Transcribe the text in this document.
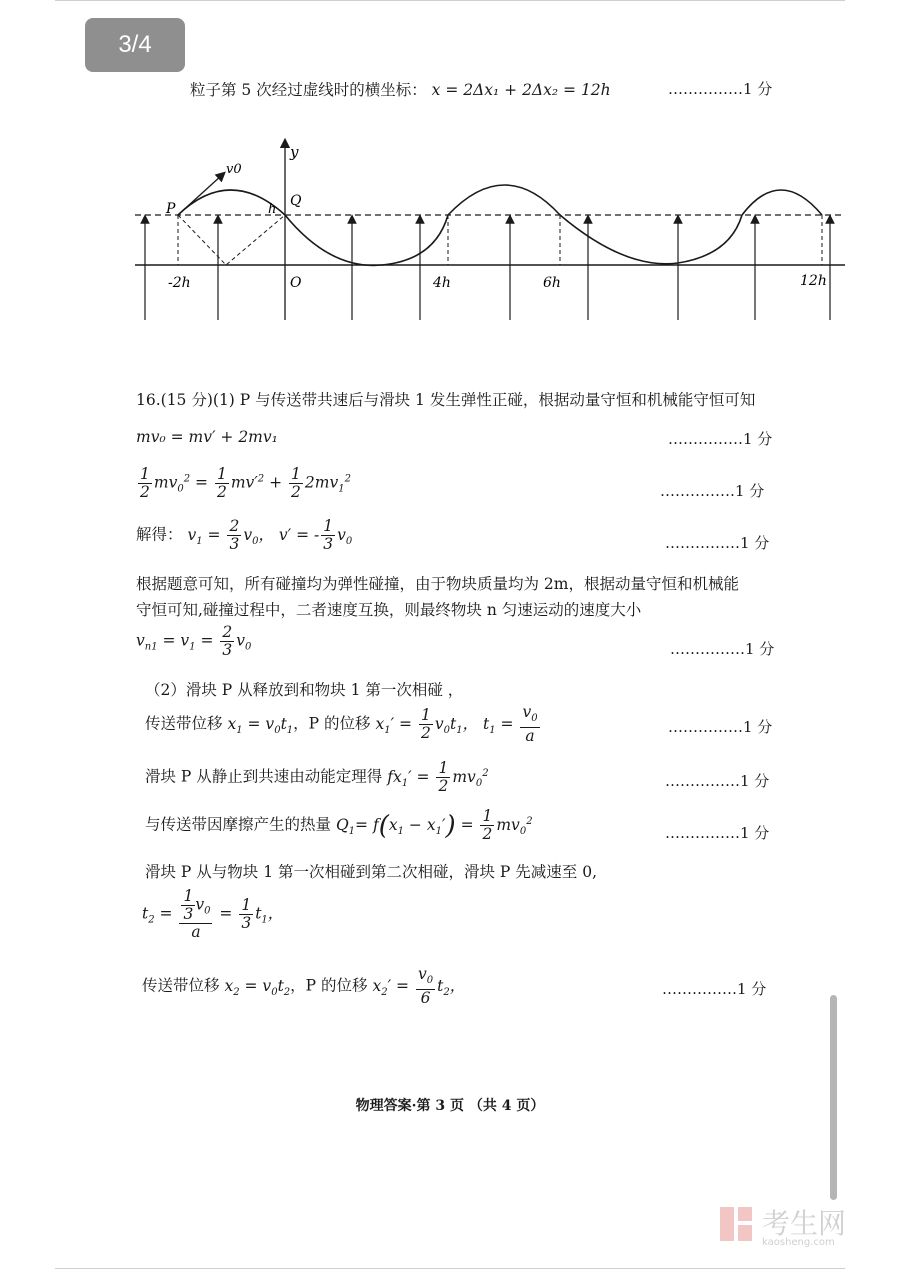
3/4
粒子第 5 次经过虚线时的横坐标： x = 2Δx₁ + 2Δx₂ = 12h	……………1 分
y
v0
P	Q
h
-2h	O	4h	6h	12h
16.(15 分)(1) P 与传送带共速后与滑块 1 发生弹性正碰，根据动量守恒和机械能守恒可知
mv₀ = mv′ + 2mv₁	……………1 分
$\frac{1}{2} mv_0^2 = \frac{1}{2} mv'^2 + \frac{1}{2} 2mv_1^2$
……………1 分
解得： $v_1 = \frac{2}{3} v_0$， v′ = - $\frac{1}{3} v_0$	……………1 分
根据题意可知，所有碰撞均为弹性碰撞，由于物块质量均为 2m，根据动量守恒和机械能
守恒可知,碰撞过程中，二者速度互换，则最终物块 n 匀速运动的速度大小
$v_{n1} = v_1 = \frac{2}{3} v_0$	……………1 分
（2）滑块 P 从释放到和物块 1 第一次相碰 ，
传送带位移 $x_1 = v_0t_1$，P 的位移 $x_1' = \frac{1}{2} v_0t_1$， $t_1 = \frac{v_0}{a}$	……………1 分
滑块 P 从静止到共速由动能定理得 $fx_1' = \frac{1}{2} mv_0^2$	……………1 分
与传送带因摩擦产生的热量 $Q_1= f(x_1 - x_1') = \frac{1}{2} mv_0^2$
……………1 分
滑块 P 从与物块 1 第一次相碰到第二次相碰，滑块 P 先减速至 0,
$t_2 = \frac{\frac{1}{3} v_0}{a} = \frac{1}{3} t_1$，
传送带位移 $x_2 = v_0t_2$，P 的位移 $x_2' = \frac{v_0}{6} t_2$，	……………1 分
物理答案·第 3 页 （共 4 页）
考生网
kaosheng.com
